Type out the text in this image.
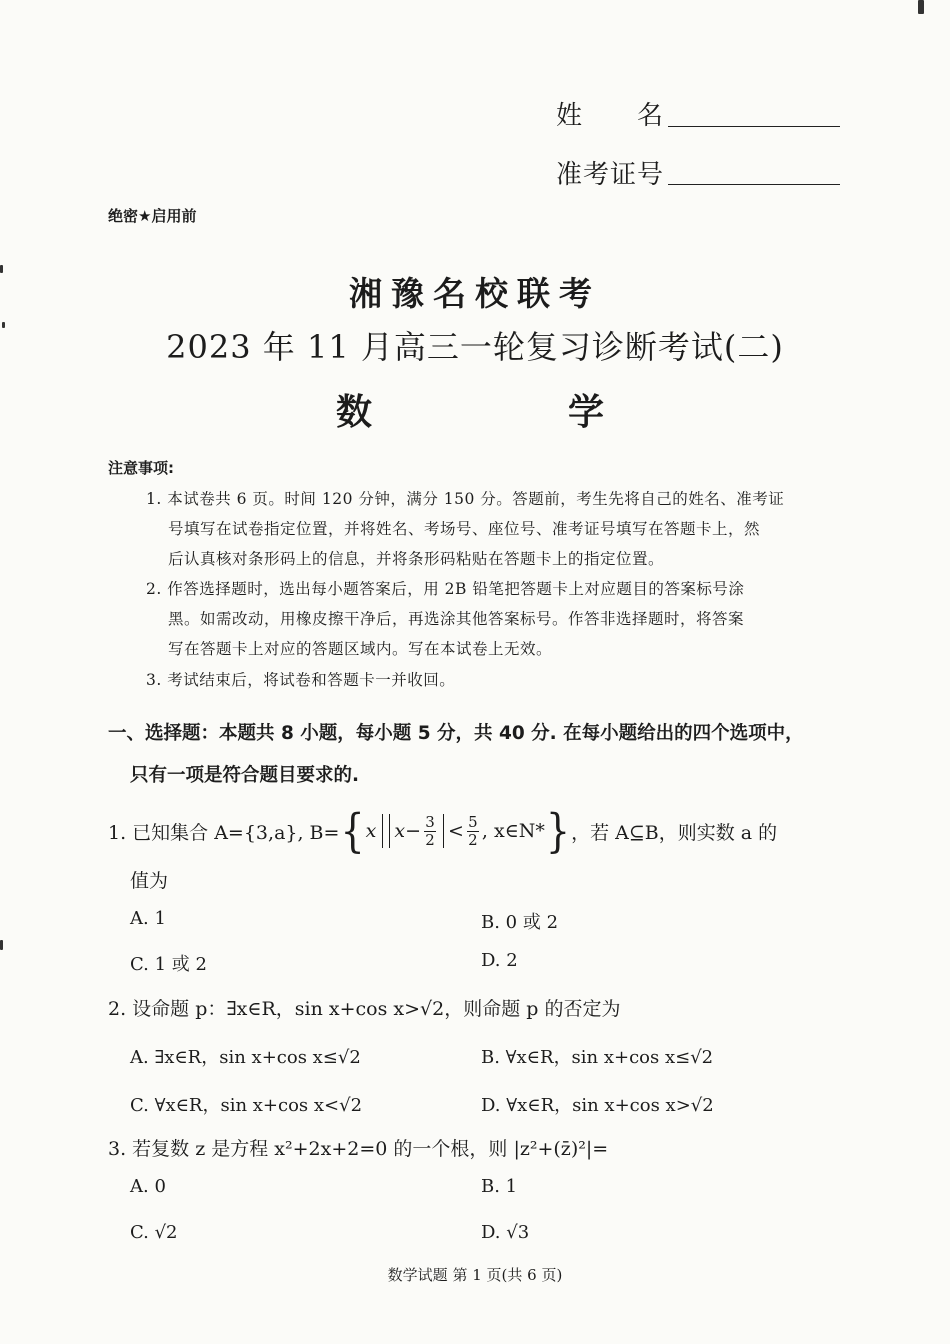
姓　　名
准考证号
绝密★启用前
湘豫名校联考
2023 年 11 月高三一轮复习诊断考试(二)
数　学
注意事项:
1. 本试卷共 6 页。时间 120 分钟，满分 150 分。答题前，考生先将自己的姓名、准考证
号填写在试卷指定位置，并将姓名、考场号、座位号、准考证号填写在答题卡上，然
后认真核对条形码上的信息，并将条形码粘贴在答题卡上的指定位置。
2. 作答选择题时，选出每小题答案后，用 2B 铅笔把答题卡上对应题目的答案标号涂
黑。如需改动，用橡皮擦干净后，再选涂其他答案标号。作答非选择题时，将答案
写在答题卡上对应的答题区域内。写在本试卷上无效。
3. 考试结束后，将试卷和答题卡一并收回。
一、选择题：本题共 8 小题，每小题 5 分，共 40 分. 在每小题给出的四个选项中，
只有一项是符合题目要求的.
1. 已知集合 A={3,a}, B= { x x− 3
2 < 5
2 , x∈N* } ，若 A⊆B，则实数 a 的
值为
A. 1	B. 0 或 2
C. 1 或 2	D. 2
2. 设命题 p：∃x∈R，sin x+cos x>√2，则命题 p 的否定为
A. ∃x∈R，sin x+cos x≤√2	B. ∀x∈R，sin x+cos x≤√2
C. ∀x∈R，sin x+cos x<√2	D. ∀x∈R，sin x+cos x>√2
3. 若复数 z 是方程 x²+2x+2=0 的一个根，则 |z²+(z̄)²|=
A. 0	B. 1
C. √2	D. √3
数学试题 第 1 页(共 6 页)
